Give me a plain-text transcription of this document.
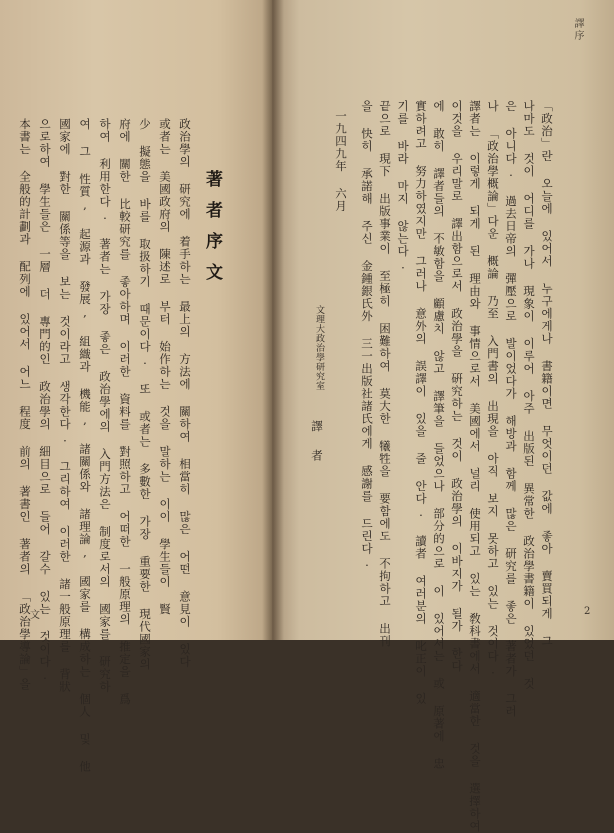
著者序文
政治學의 研究에 着手하는 最上의 方法에 關하여 相當히 많은 어떤 意見이 있다
或者는 美國政府의 陳述로 부터 始作하는 것을 말하는 이이 學生들이 賢
少 擬態을 바를 取扱하기 때문이다. 또 或者는 多數한 가장 重要한 現代國家의
府에 關한 比較研究를 좋아하며 이러한 資料를 對照하고 어떠한 一般原理의 推定을 爲
하여 利用한다. 著者는 가장 좋은 政治學에의 入門方法은 制度로서의 國家를 研究하
여 그 性質, 起源과 發展, 組織과 機能, 諸關係와 諸理論, 國家를 構成하는 個人 및 他
國家에 對한 關係等을 보는 것이라고 생각한다. 그리하여 이러한 諸一般原理를 背狀
으로하여 學生들은 一層 더 專門的인 政治學의 細目으로 들어 갈수 있는 것이다.
本書는 全般的計劃과 配列에 있어서 어느 程度 前의 著書인 著者의 「政治學導論」을
文
譯序
「政治」란 오늘에 있어서 누구에게나 書籍이면 무엇이던 값에 좋아 賣買되게 그
나마도 것이 어디를 가나 現象이 이루어 아주 出版된 異常한 政治學書籍이 있었던 것
은 아니다. 過去日帝의 彈壓으로 발이었다가 해방과 함께 많은 研究를 좋은 著者가 그러
나 「政治學概論」다운 概論 乃至 入門書의 出現을 아직 보지 못하고 있는 것이다.
譯者는 이렇게 되게 된 理由와 事情으로서 美國에서 널리 使用되고 있는 敎科書에서 適當한 것을 選擇하여
이것을 우리말로 譯出함으로서 政治學을 硏究하는 것이 政治學의 이바지가 될가 한다
에 敢히 譯者들의 不敏함을 顧慮치 않고 譯筆을 들었으나 部分的으로 이 있어서는 或 原著에 忠
實하려고 努力하였지만 그러나 意外의 誤譯이 있을 줄 안다. 讀者 여러분의 叱正이 있
기를 바라 마지 않는다.
끝으로 現下 出版事業이 至極히 困難하여 莫大한 犧牲을 要함에도 不拘하고 出刊
을 快히 承諾해 주신 金鍾銀氏外 三一出版社諸氏에게 感謝를 드린다.
一九四九年 六月
文理大政治學研究室
譯者
2
